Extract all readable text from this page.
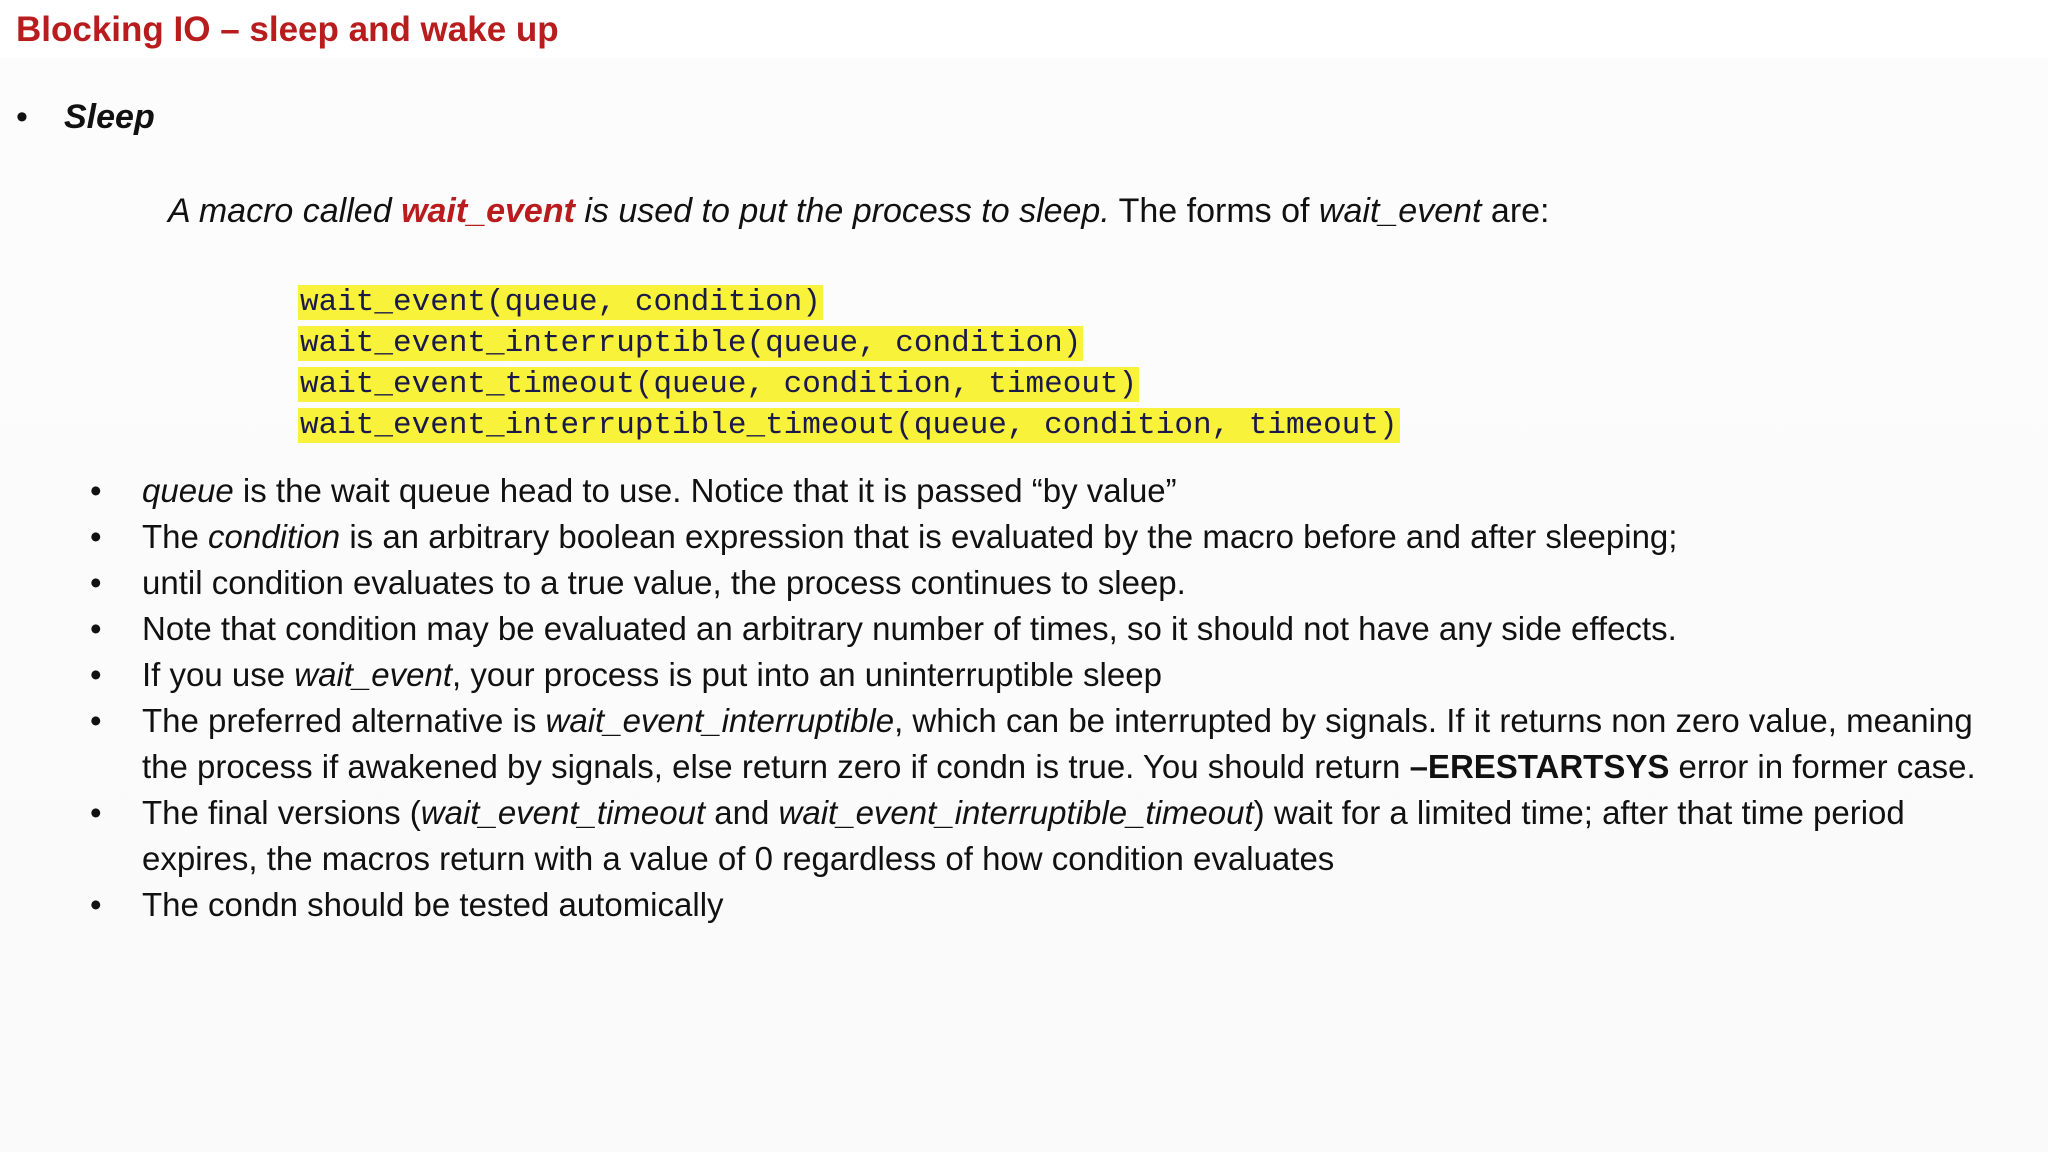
Blocking IO – sleep and wake up
• Sleep
A macro called wait_event is used to put the process to sleep. The forms of wait_event are:
wait_event(queue, condition)
wait_event_interruptible(queue, condition)
wait_event_timeout(queue, condition, timeout)
wait_event_interruptible_timeout(queue, condition, timeout)
• queue is the wait queue head to use. Notice that it is passed “by value”
• The condition is an arbitrary boolean expression that is evaluated by the macro before and after sleeping;
• until condition evaluates to a true value, the process continues to sleep.
• Note that condition may be evaluated an arbitrary number of times, so it should not have any side effects.
• If you use wait_event, your process is put into an uninterruptible sleep
• The preferred alternative is wait_event_interruptible, which can be interrupted by signals. If it returns non zero value, meaning the process if awakened by signals, else return zero if condn is true. You should return –ERESTARTSYS error in former case.
• The final versions (wait_event_timeout and wait_event_interruptible_timeout) wait for a limited time; after that time period expires, the macros return with a value of 0 regardless of how condition evaluates
• The condn should be tested automically
